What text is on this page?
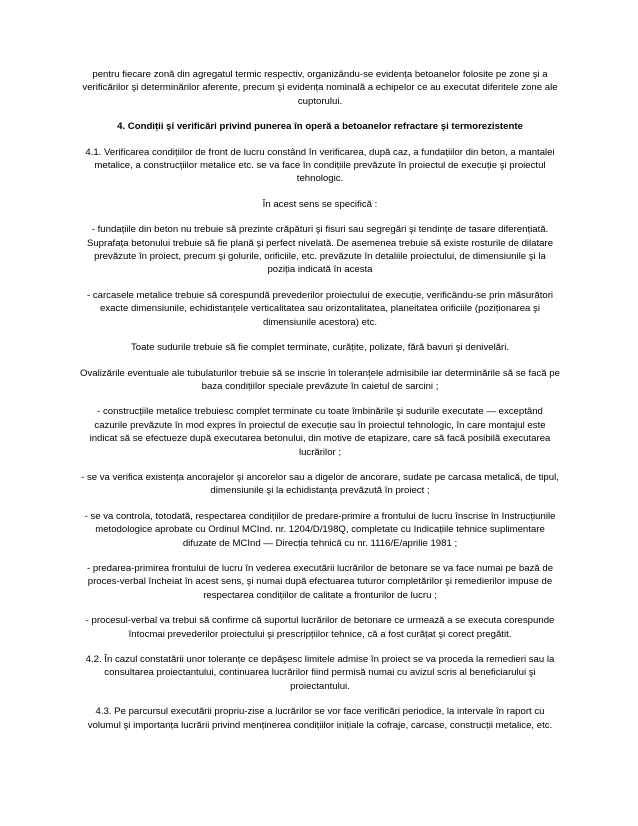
pentru fiecare zonă din agregatul termic respectiv, organizându-se evidența betoanelor folosite pe zone şi a verificărilor şi determinărilor aferente, precum şi evidența nominală a echipelor ce au executat diferitele zone ale cuptorului.

4. Condiții şi verificări privind punerea în operă a betoanelor refractare şi termorezistente

4.1. Verificarea condițiilor de front de lucru constând în verificarea, după caz, a fundațiilor din beton, a mantalei metalice, a construcțiilor metalice etc. se va face în condițiile prevăzute în proiectul de execuție şi proiectul tehnologic.

În acest sens se specifică :

- fundațiile din beton nu trebuie să prezinte crăpături şi fisuri sau segregări şi tendințe de tasare diferențiată. Suprafața betonului trebuie să fie plană şi perfect nivelată. De asemenea trebuie să existe rosturile de dilatare prevăzute în proiect, precum şi golurile, orificiile, etc. prevăzute în detaliile proiectului, de dimensiunile şi la poziția indicată în acesta

- carcasele metalice trebuie să corespundă prevederilor proiectului de execuție, verificându-se prin măsurători exacte dimensiunile, echidistanțele verticalitatea sau orizontalitatea, planeitatea orificiile (poziționarea şi dimensiunile acestora) etc.

Toate sudurile trebuie să fie complet terminate, curățite, polizate, fără bavuri şi denivelări.

Ovalizările eventuale ale tubulaturilor trebuie să se inscrie în toleranțele admisibile iar determinările să se facă pe baza condițiilor speciale prevăzute în caietul de sarcini ;

- construcțiile metalice trebuiesc complet terminate cu toate îmbinările şi sudurile executate — exceptând cazurile prevăzute în mod expres în proiectul de execuție sau în proiectul tehnologic, în care montajul este indicat să se efectueze după executarea betonului, din motive de etapizare, care să facă posibilă executarea lucrărilor ;

- se va verifica existența ancorajelor şi ancorelor sau a digelor de ancorare, sudate pe carcasa metalică, de tipul, dimensiunile şi la echidistanța prevăzută în proiect ;

- se va controla, totodată, respectarea condițiilor de predare-primire a frontului de lucru înscrise în Instrucțiunile metodologice aprobate cu Ordinul MCInd. nr. 1204/D/198Q, completate cu Indicațiile tehnice suplimentare difuzate de MCInd — Direcția tehnică cu nr. 1116/E/aprilie 1981 ;

- predarea-primirea frontului de lucru în vederea executării lucrărilor de betonare se va face numai pe bază de proces-verbal încheiat în acest sens, şi numai după efectuarea tuturor completărilor şi remedierilor impuse de respectarea condițiilor de calitate a fronturilor de lucru ;

- procesul-verbal va trebui să confirme că suportul lucrărilor de betonare ce urmează a se executa corespunde întocmai prevederilor proiectului şi prescripțiilor tehnice, că a fost curățat şi corect pregătit.

4.2. În cazul constatării unor toleranțe ce depăşesc limitele admise în proiect se va proceda la remedieri sau la consultarea proiectantului, continuarea lucrărilor fiind permisă numai cu avizul scris al beneficiarului şi proiectantului.

4.3. Pe parcursul executării propriu-zise a lucrărilor se vor face verificări periodice, la intervale în raport cu volumul şi importanța lucrării privind menținerea condițiilor inițiale la cofraje, carcase, construcții metalice, etc.
